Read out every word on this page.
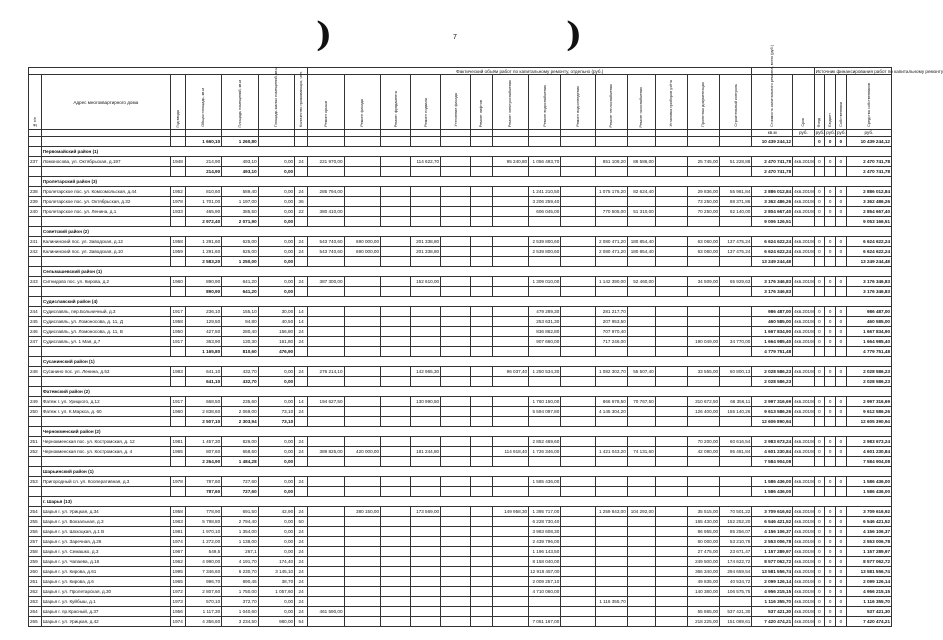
)	7	)
							Фактический объём работ по капитальному ремонту, отдельно (руб.)																Источник финансирования работ по капитальному ремонту			
№ п/п	Адрес многоквартирного дома	Год ввода	Общая площадь, кв.м	Площадь помещений, кв.м	Площадь жилых помещений, кв.м	Количество проживающих, чел.	Ремонт крыши	Ремонт фасада	Ремонт фундамента	Ремонт подвала	Утепление фасада	Ремонт лифтов	Ремонт электроснабжения	Ремонт водоснабжения	Ремонт водоотведения	Ремонт теплоснабжения	Ремонт газоснабжения	Установка приборов учёта	Проектная документация	Строительный контроль	Стоимость капитального ремонта, всего (руб.)	Срок	Фонд	Бюджет	Собственники	Средства собственников
																					кв.м	руб.	руб.	руб.	руб.	руб.
			1 660,10	1 260,80																	10 439 244,12		0	0	0	10 439 244,12
	Первомайский район (1)																									
237	Ломоносова, ул. Октябрьская, д.197	1948	214,90	493,10	0,00	24	221 970,00			114 622,70			95 240,80	1 056 493,70		851 109,20	86 586,00		25 745,00	51 228,88	2 470 741,78	4кв.2019г.	0	0	0	2 470 741,78
			214,90	493,10	0,00																2 470 741,78					2 470 741,78
	Пролетарский район (3)																									
238	Пролетарское пос. ул. Комсомольская, д.44	1952	810,60	589,40	0,00	24	285 794,00							1 241 210,50		1 075 176,20	82 624,40		29 836,00	55 981,84	2 886 012,84	4кв.2019г.	0	0	0	2 886 012,84
239	Пролетарское пос. ул. Октябрьская, д.32	1978	1 701,00	1 197,00	0,00	36								3 206 259,40					73 250,00	88 371,86	3 362 486,26	4кв.2019г.	0	0	0	3 362 486,26
240	Пролетарское пос. ул. Ленина, д.1	1933	465,90	385,50	0,00	22	380 410,00							606 045,00		770 505,00	51 310,00		70 250,00	62 140,00	2 804 667,40	4кв.2019г.	0	0	0	2 854 667,40
			2 972,40	2 071,90	0,00																9 006 126,51					9 053 166,51
	Советский район (2)																									
241	Калининский пос. ул. Заводская, д.12	1958	1 291,60	625,00	0,00	24	543 740,60	690 000,00		201 338,80				2 539 800,60		2 080 471,20	180 854,40		63 060,00	137 475,24	6 624 622,24	4кв.2019г.	0	0	0	6 624 622,24
242	Калининский пос. ул. Заводская, д.10	1959	1 291,60	625,00	0,00	24	543 740,60	690 000,00		201 338,80				2 539 800,60		2 080 471,20	180 854,40		63 060,00	137 475,24	6 624 622,24	4кв.2019г.	0	0	0	6 624 622,24
			2 583,20	1 250,00	0,00																13 249 244,48					13 249 244,48
	Сельмашевский район (1)																									
243	Ситнидово пос. ул. Кирова, д.2	1960	890,90	641,20	0,00	24	387 300,00			152 610,00				1 309 010,00		1 142 390,00	52 460,00		34 509,00	65 929,63	3 176 346,83	4кв.2019г.	0	0	0	3 176 346,83
			890,90	641,20	0,00																3 176 346,83					3 176 346,83
	Судиславский район (4)																									
244	Судиславль, пер.Больничный, д.3	1917	236,10	155,10	30,00	14								479 289,30		281 217,70					986 487,00	4кв.2019г.	0	0	0	986 487,00
245	Судиславль, ул. Ломоносова, д. 11, Д	1958	129,50	94,80	40,50	14								253 631,30		207 953,50					460 585,00	4кв.2019г.	0	0	0	460 585,00
246	Судиславль, ул. Ломоносова, д. 11, В	1950	427,50	280,40	156,80	24								836 862,80		707 970,40					1 667 834,90	4кв.2019г.	0	0	0	1 667 834,90
247	Судиславль, ул. 1 Мая, д.7	1917	363,90	130,30	161,80	24								907 660,00		717 246,00			190 049,00	34 770,00	1 664 985,40	4кв.2019г.	0	0	0	1 664 985,40
			1 165,80	810,60	476,90																4 779 751,48					4 779 751,48
	Сусанинский район (1)																									
248	Сусанино пос. ул. Ленина, д.53	1983	641,10	432,70	0,00	24	276 214,10			142 965,30			96 037,40	1 250 534,30		1 082 302,70	55 507,40		33 555,00	60 800,13	2 028 586,23	4кв.2019г.	0	0	0	2 028 586,23
			641,10	432,70	0,00																2 028 586,23					2 028 586,23
	Фатежский район (2)																									
249	Фатеж г. ул. Урицкого, д.12	1917	668,50	235,60	0,00	14	194 627,50			130 990,50				1 760 150,00		866 678,50	70 767,50		310 672,50	66 356,11	2 997 316,69	4кв.2019г.	0	0	0	2 997 316,69
250	Фатеж г. ул. К.Маркса, д. 60	1960	2 838,60	2 069,00	73,10	24								5 594 097,80		4 145 304,20			126 400,00	155 140,26	9 613 586,26	4кв.2019г.	0	0	0	9 612 586,26
			2 507,10	2 303,94	73,10																12 606 890,94					12 605 390,94
	Чернокменский район (2)																									
251	Чернокменская пос. ул. Костромская, д. 12	1981	1 457,30	826,00	0,00	24								2 852 469,60					70 200,00	60 616,54	2 983 673,24	4кв.2019г.	0	0	0	2 983 673,24
252	Чернокменская пос. ул. Костромская, д. 4	1965	807,60	658,60	0,00	24	389 825,00	420 000,00		181 244,80			114 918,40	1 726 346,00		1 421 043,20	74 131,60		42 090,00	95 481,84	4 601 230,84	4кв.2019г.	0	0	0	4 601 230,84
			2 264,90	1 484,28	0,00																7 584 904,08					7 584 904,08
	Шарьинский район (1)																									
253	Пригородный сл. ул. Кооперативная, д.3	1978	787,60	727,60	0,00	24								1 585 436,00							1 586 436,00	4кв.2019г.	0	0	0	1 586 436,00
			787,60	727,60	0,00																1 586 436,00					1 586 436,00
	г. Шарья (13)																									
254	Шарья г. ул. Урицкая, д.34	1958	778,90	691,50	42,90	24		380 150,00		173 569,00			149 958,30	1 395 717,00		1 259 843,00	104 292,00		35 515,00	70 501,22	3 709 616,92	4кв.2019г.	0	0	0	3 709 616,92
255	Шарья г. ул. Вокзальная, д.3	1963	5 798,80	2 794,40	0,00	50								6 228 730,40					165 430,00	152 252,20	6 546 421,52	4кв.2019г.	0	0	0	6 546 421,52
256	Шарья г. ул. Шохоцкая, д.1 В	1981	1 970,10	1 354,00	0,00	24								3 983 608,30					86 955,00	85 256,07	4 156 106,37	4кв.2019г.	0	0	0	4 156 106,37
257	Шарья г. ул. Заречная, д.26	1974	1 272,00	1 138,00	0,00	24								2 439 796,00					60 000,00	53 210,78	2 553 006,78	4кв.2019г.	0	0	0	2 553 006,78
258	Шарья г. ул. Семашко, д.3	1967	549,5	267,1	0,00	24								1 196 143,50					27 475,00	23 671,47	1 157 289,97	4кв.2019г.	0	0	0	1 157 289,97
259	Шарья г. ул. Чапаева, д.18	1962	4 990,00	4 191,70	174,40	24								8 158 040,00					249 500,00	174 622,72	8 577 062,72	4кв.2019г.	0	0	0	8 577 062,72
260	Шарья г. ул. Кирова, д.61	1995	7 346,60	6 230,70	3 145,10	24								12 918 457,00					366 340,00	294 659,54	13 581 556,74	4кв.2019г.	0	0	0	13 581 556,74
261	Шарья г. ул. Кирова, д.6	1965	996,70	890,45	38,70	24								2 009 257,10					49 835,00	40 534,72	2 099 126,14	4кв.2019г.	0	0	0	2 099 126,14
262	Шарья г. ул. Пролетарская, д.30	1972	2 807,60	1 750,00	1 057,60	24								4 710 060,00					140 380,00	106 575,75	4 956 215,15	4кв.2019г.	0	0	0	4 956 215,15
263	Шарья г. ул. Куйбыш, д.1	1973	570,10	372,70	0,00	24										1 116 355,70					1 116 355,70	4кв.2019г.	0	0	0	1 116 355,70
264	Шарья г. пр.Красный, д.37	1956	1 117,30	1 040,60	0,00	24	461 590,00												55 865,00	537 421,30	537 421,30	4кв.2019г.	0	0	0	537 421,30
265	Шарья г. ул. Урицкая, д.42	1974	4 356,60	3 234,50	980,00	54								7 051 167,00					218 225,00	151 089,61	7 420 474,21	4кв.2019г.	0	0	0	7 420 474,21
